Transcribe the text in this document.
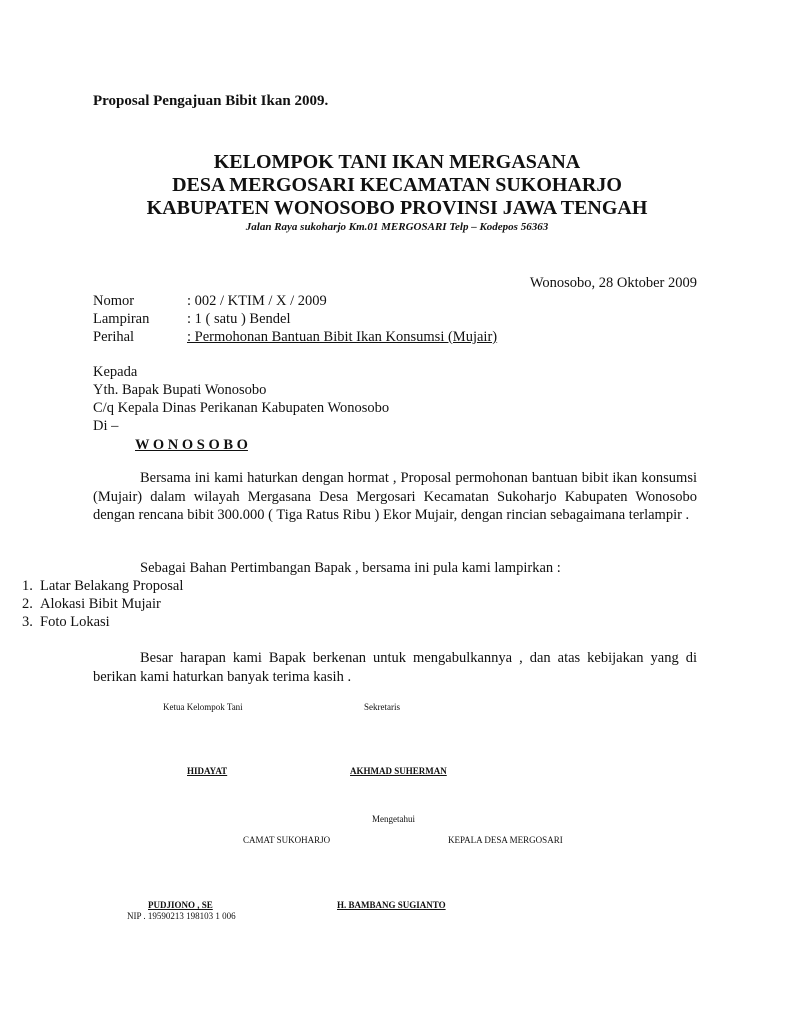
Proposal Pengajuan Bibit Ikan 2009.
KELOMPOK TANI IKAN MERGASANA
DESA MERGOSARI KECAMATAN SUKOHARJO
KABUPATEN WONOSOBO PROVINSI JAWA TENGAH
Jalan Raya sukoharjo Km.01 MERGOSARI Telp – Kodepos 56363
Wonosobo, 28 Oktober 2009
Nomor	: 002 / KTIM / X / 2009
Lampiran	: 1 ( satu ) Bendel
Perihal	: Permohonan Bantuan Bibit Ikan Konsumsi (Mujair)
Kepada
Yth. Bapak Bupati Wonosobo
C/q Kepala Dinas Perikanan Kabupaten Wonosobo
Di –
W O N O S O B O
Bersama ini kami haturkan dengan hormat , Proposal permohonan bantuan bibit ikan konsumsi (Mujair) dalam wilayah Mergasana Desa Mergosari Kecamatan Sukoharjo Kabupaten Wonosobo dengan rencana bibit 300.000 ( Tiga Ratus Ribu ) Ekor Mujair, dengan rincian sebagaimana terlampir .
Sebagai Bahan Pertimbangan Bapak , bersama ini pula kami lampirkan :
1. Latar Belakang Proposal
2. Alokasi Bibit Mujair
3. Foto Lokasi
Besar harapan kami Bapak berkenan untuk mengabulkannya , dan atas kebijakan yang di berikan kami haturkan banyak terima kasih .
Ketua Kelompok Tani	Sekretaris
HIDAYAT	AKHMAD SUHERMAN
Mengetahui
CAMAT SUKOHARJO	KEPALA DESA MERGOSARI
PUDJIONO , SE
NIP . 19590213 198103 1 006
H. BAMBANG SUGIANTO
